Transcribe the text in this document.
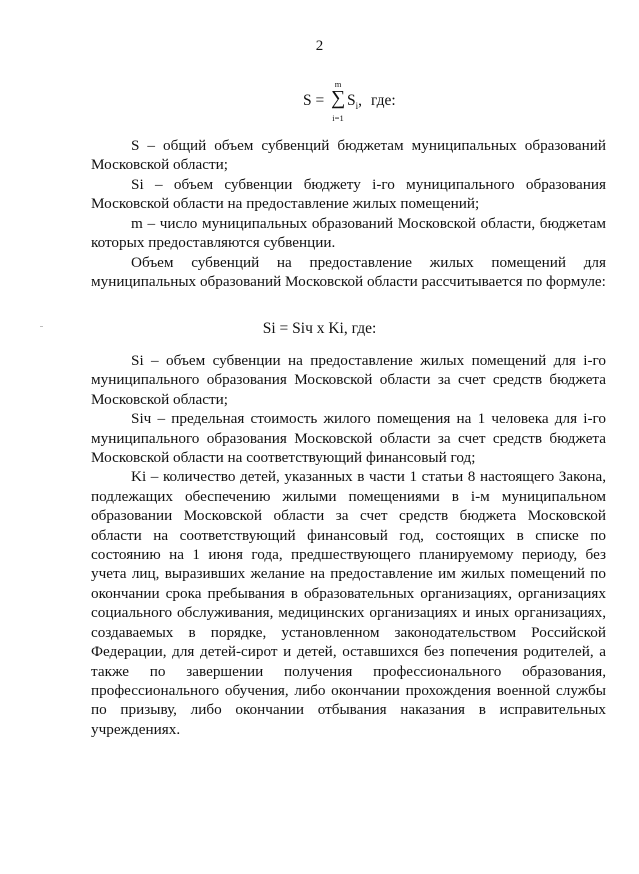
2
S =
m
∑
i=1
$S_i$, где:

S – общий объем субвенций бюджетам муниципальных образований Московской области;

Si – объем субвенции бюджету i-го муниципального образования Московской области на предоставление жилых помещений;

m – число муниципальных образований Московской области, бюджетам которых предоставляются субвенции.

Объем субвенций на предоставление жилых помещений для муниципальных образований Московской области рассчитывается по формуле:

Si = Siч x Ki, где:

Si – объем субвенции на предоставление жилых помещений для i-го муниципального образования Московской области за счет средств бюджета Московской области;

Siч – предельная стоимость жилого помещения на 1 человека для i-го муниципального образования Московской области за счет средств бюджета Московской области на соответствующий финансовый год;

Ki – количество детей, указанных в части 1 статьи 8 настоящего Закона, подлежащих обеспечению жилыми помещениями в i-м муниципальном образовании Московской области за счет средств бюджета Московской области на соответствующий финансовый год, состоящих в списке по состоянию на 1 июня года, предшествующего планируемому периоду, без учета лиц, выразивших желание на предоставление им жилых помещений по окончании срока пребывания в образовательных организациях, организациях социального обслуживания, медицинских организациях и иных организациях, создаваемых в порядке, установленном законодательством Российской Федерации, для детей-сирот и детей, оставшихся без попечения родителей, а также по завершении получения профессионального образования, профессионального обучения, либо окончании прохождения военной службы по призыву, либо окончании отбывания наказания в исправительных учреждениях.
